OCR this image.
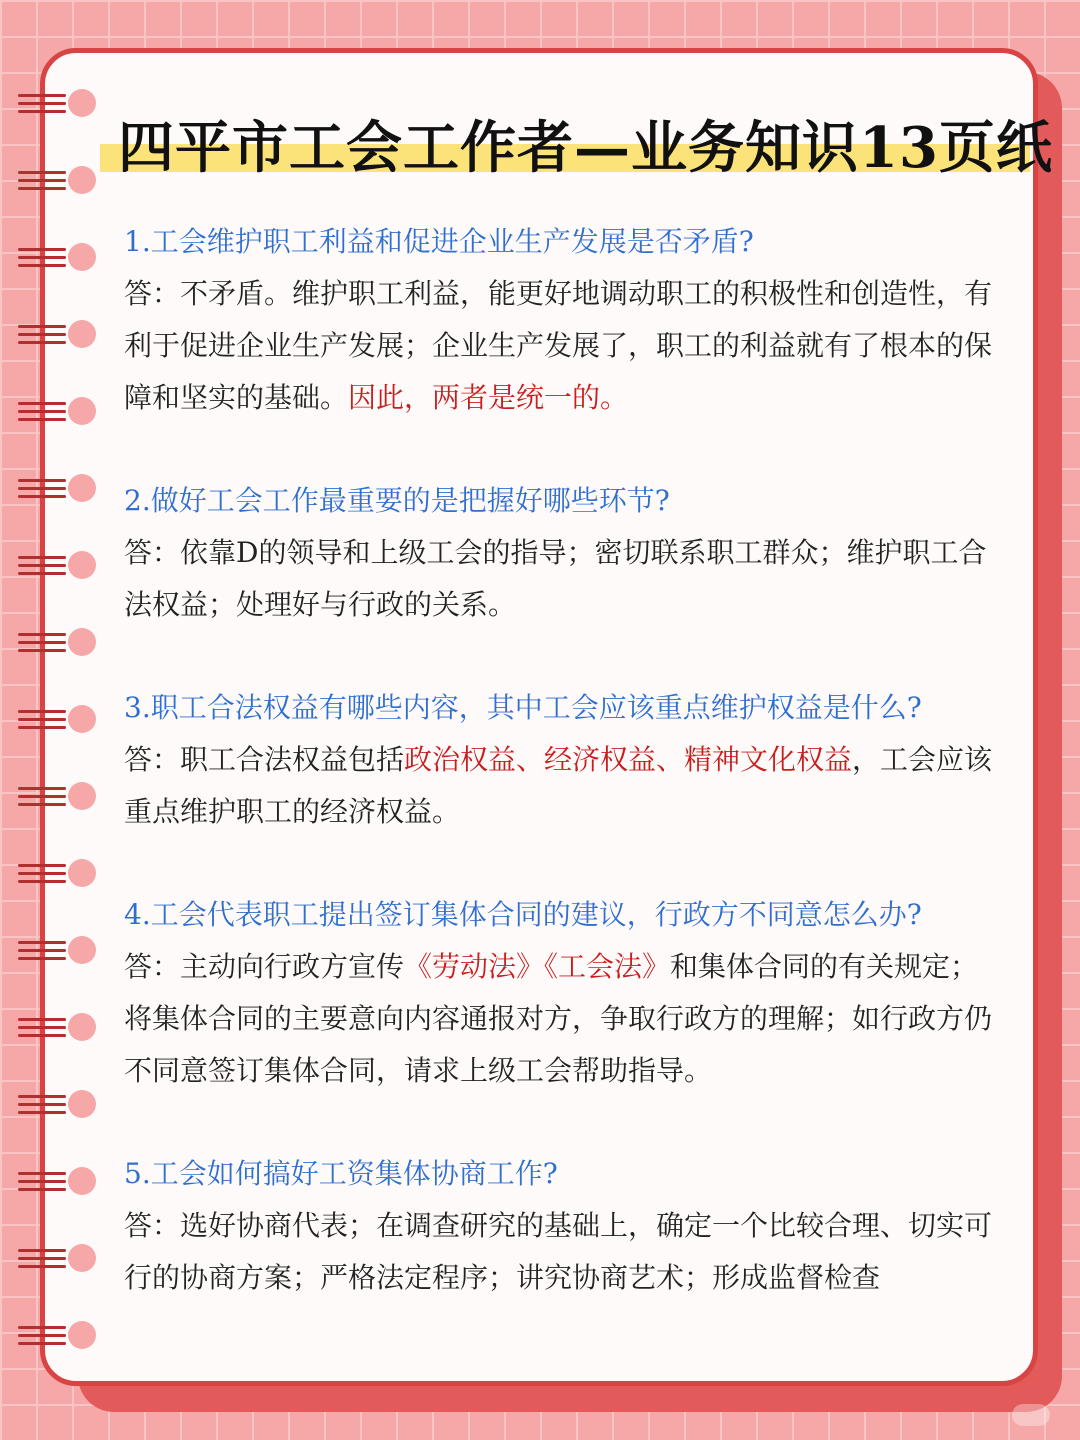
四平市工会工作者—业务知识13页纸

1.工会维护职工利益和促进企业生产发展是否矛盾?

答：不矛盾。维护职工利益，能更好地调动职工的积极性和创造性，有利于促进企业生产发展；企业生产发展了，职工的利益就有了根本的保障和坚实的基础。因此，两者是统一的。

2.做好工会工作最重要的是把握好哪些环节?

答：依靠D的领导和上级工会的指导；密切联系职工群众；维护职工合法权益；处理好与行政的关系。

3.职工合法权益有哪些内容，其中工会应该重点维护权益是什么?

答：职工合法权益包括政治权益、经济权益、精神文化权益，工会应该重点维护职工的经济权益。

4.工会代表职工提出签订集体合同的建议，行政方不同意怎么办?

答：主动向行政方宣传《劳动法》《工会法》和集体合同的有关规定；将集体合同的主要意向内容通报对方，争取行政方的理解；如行政方仍不同意签订集体合同，请求上级工会帮助指导。

5.工会如何搞好工资集体协商工作?

答：选好协商代表；在调查研究的基础上，确定一个比较合理、切实可行的协商方案；严格法定程序；讲究协商艺术；形成监督检查
